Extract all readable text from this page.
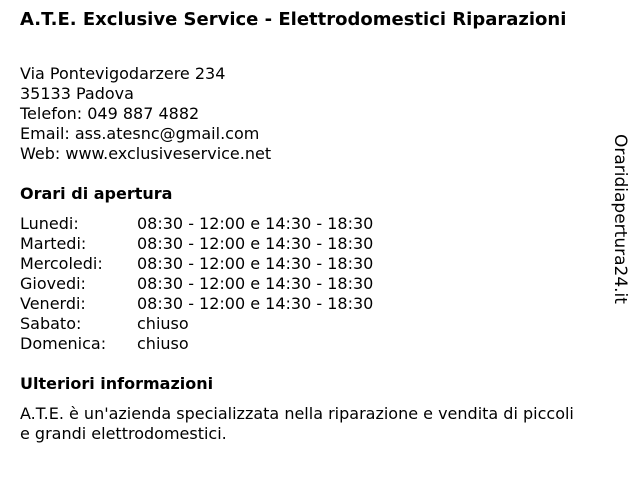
A.T.E. Exclusive Service - Elettrodomestici Riparazioni
Via Pontevigodarzere 234
35133 Padova
Telefon: 049 887 4882
Email: ass.atesnc@gmail.com
Web: www.exclusiveservice.net
Orari di apertura
Lunedi:	08:30 - 12:00 e 14:30 - 18:30
Martedi:	08:30 - 12:00 e 14:30 - 18:30
Mercoledi:	08:30 - 12:00 e 14:30 - 18:30
Giovedi:	08:30 - 12:00 e 14:30 - 18:30
Venerdi:	08:30 - 12:00 e 14:30 - 18:30
Sabato:	chiuso
Domenica:	chiuso
Ulteriori informazioni

A.T.E. è un'azienda specializzata nella riparazione e vendita di piccoli e grandi elettrodomestici.

Oraridiapertura24.it
